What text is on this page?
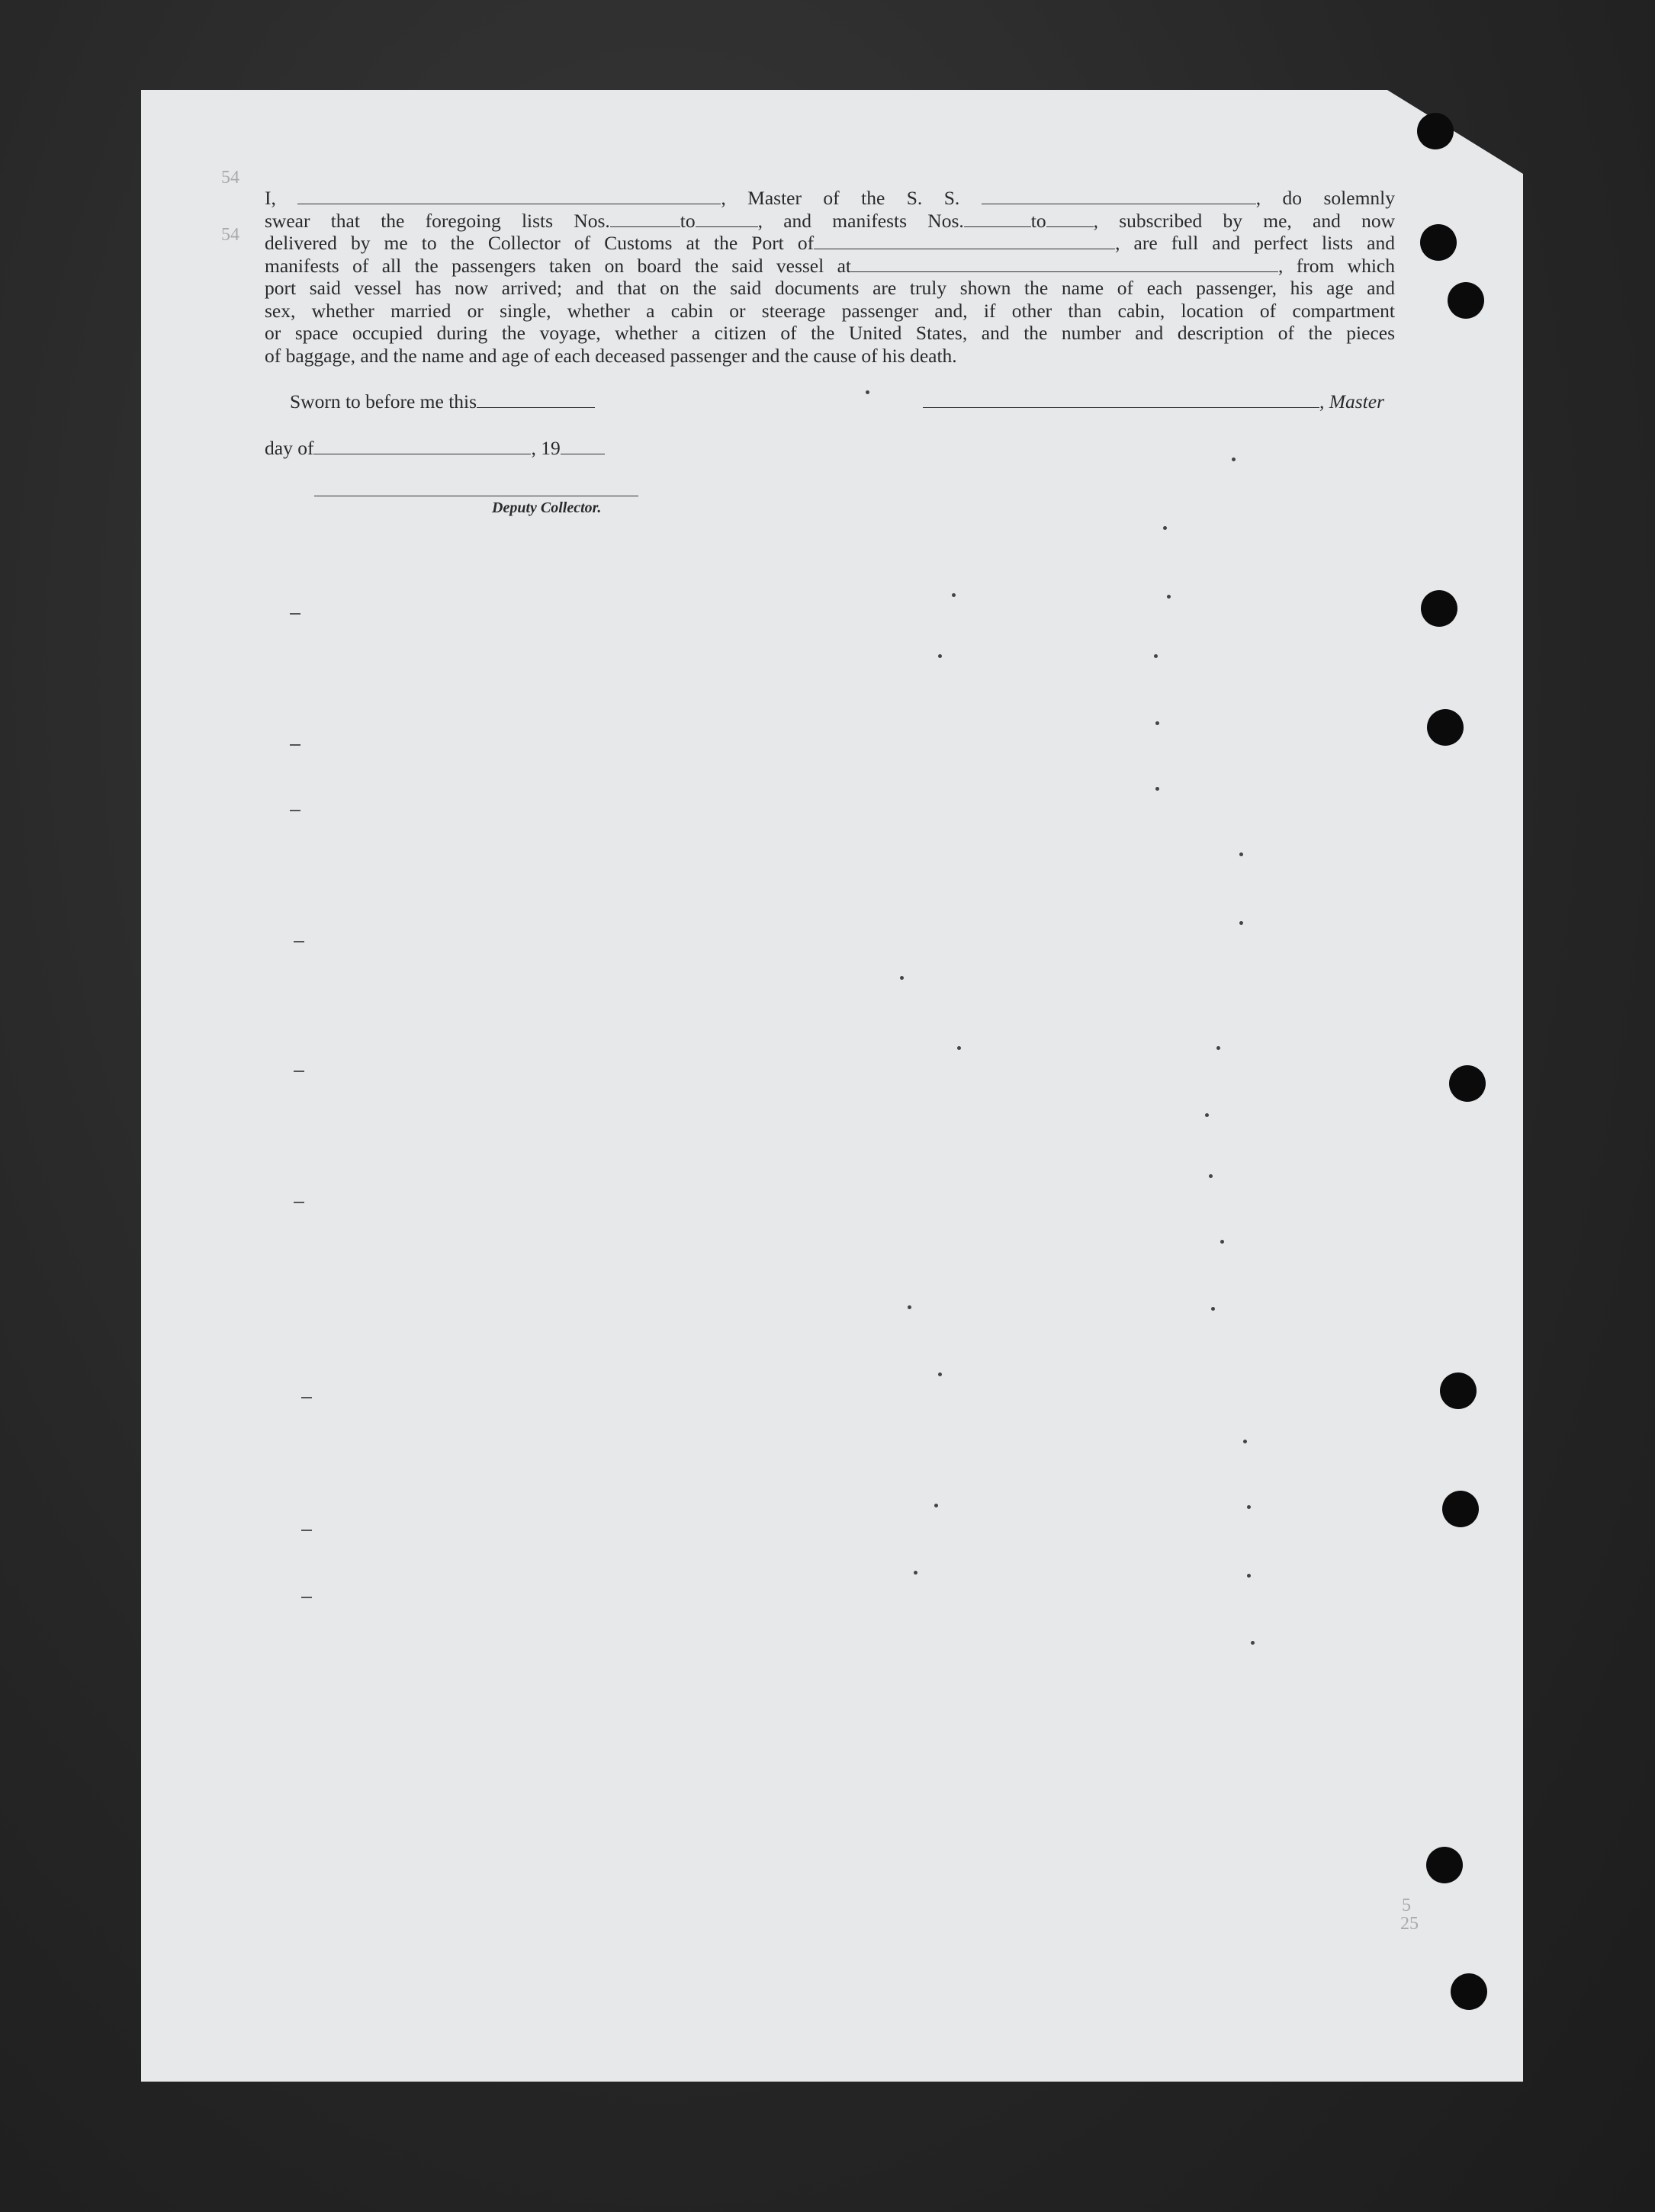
54
54
I,	, Master of the S. S.	, do solemnly
swear that the foregoing lists Nos.	to	, and manifests Nos.	to , subscribed by me, and now
delivered by me to the Collector of Customs at the Port of	, are full and perfect lists and
manifests of all the passengers taken on board the said vessel at	, from which
port said vessel has now arrived; and that on the said documents are truly shown the name of each passenger, his age and
sex, whether married or single, whether a cabin or steerage passenger and, if other than cabin, location of compartment
or space occupied during the voyage, whether a citizen of the United States, and the number and description of the pieces
of baggage, and the name and age of each deceased passenger and the cause of his death.
Sworn to before me this	, Master
day of	, 19
Deputy Collector.
5
25
